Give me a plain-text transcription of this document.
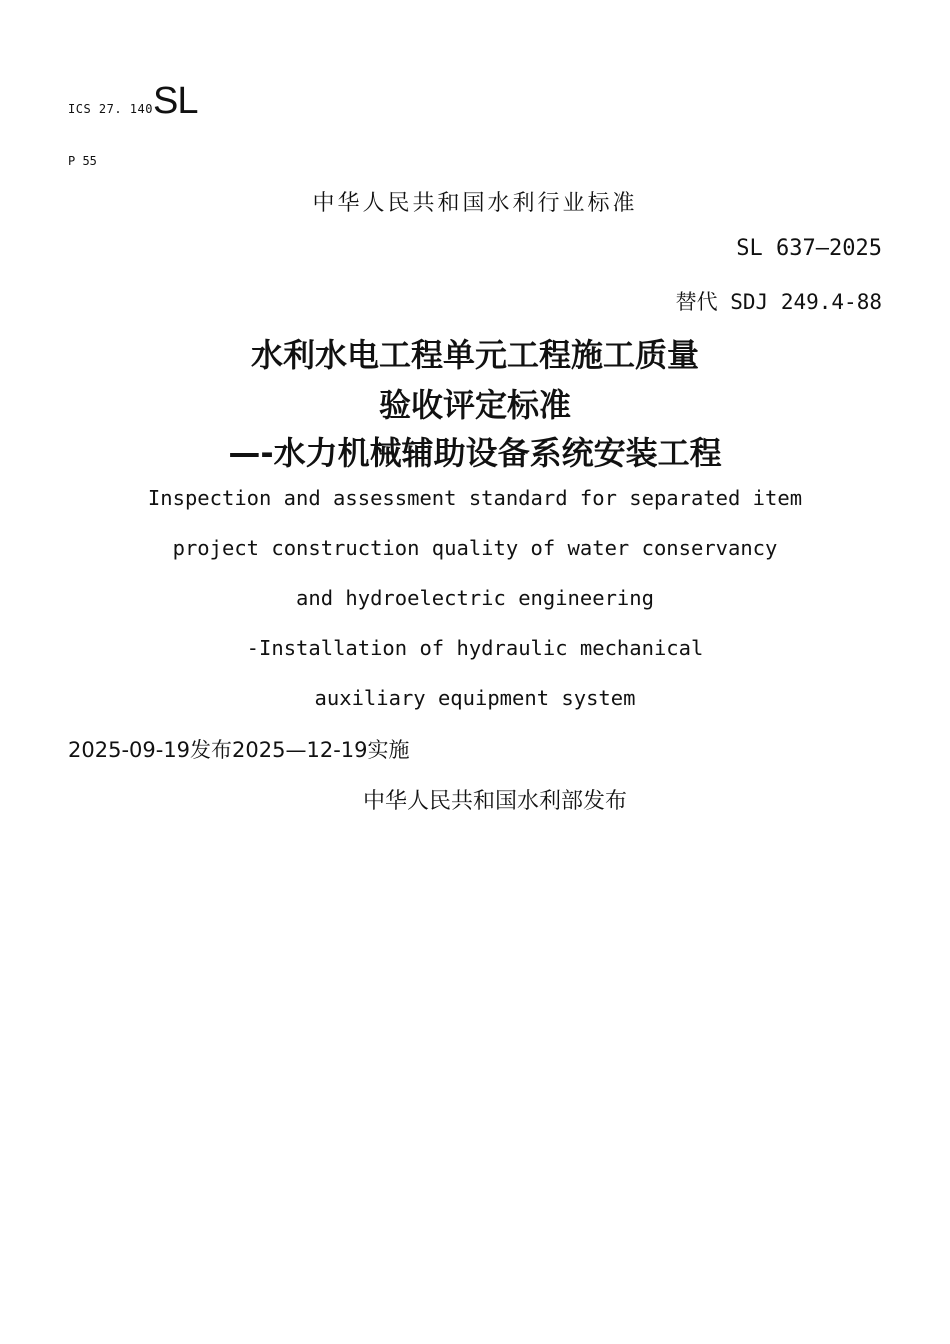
ICS 27. 140SL
P 55
中华人民共和国水利行业标准
SL 637—2025
替代 SDJ 249.4-88
水利水电工程单元工程施工质量
验收评定标准
—-水力机械辅助设备系统安装工程
Inspection and assessment standard for separated item
project construction quality of water conservancy
and hydroelectric engineering
-Installation of hydraulic mechanical
auxiliary equipment system
2025-09-19发布2025—12-19实施
中华人民共和国水利部发布
